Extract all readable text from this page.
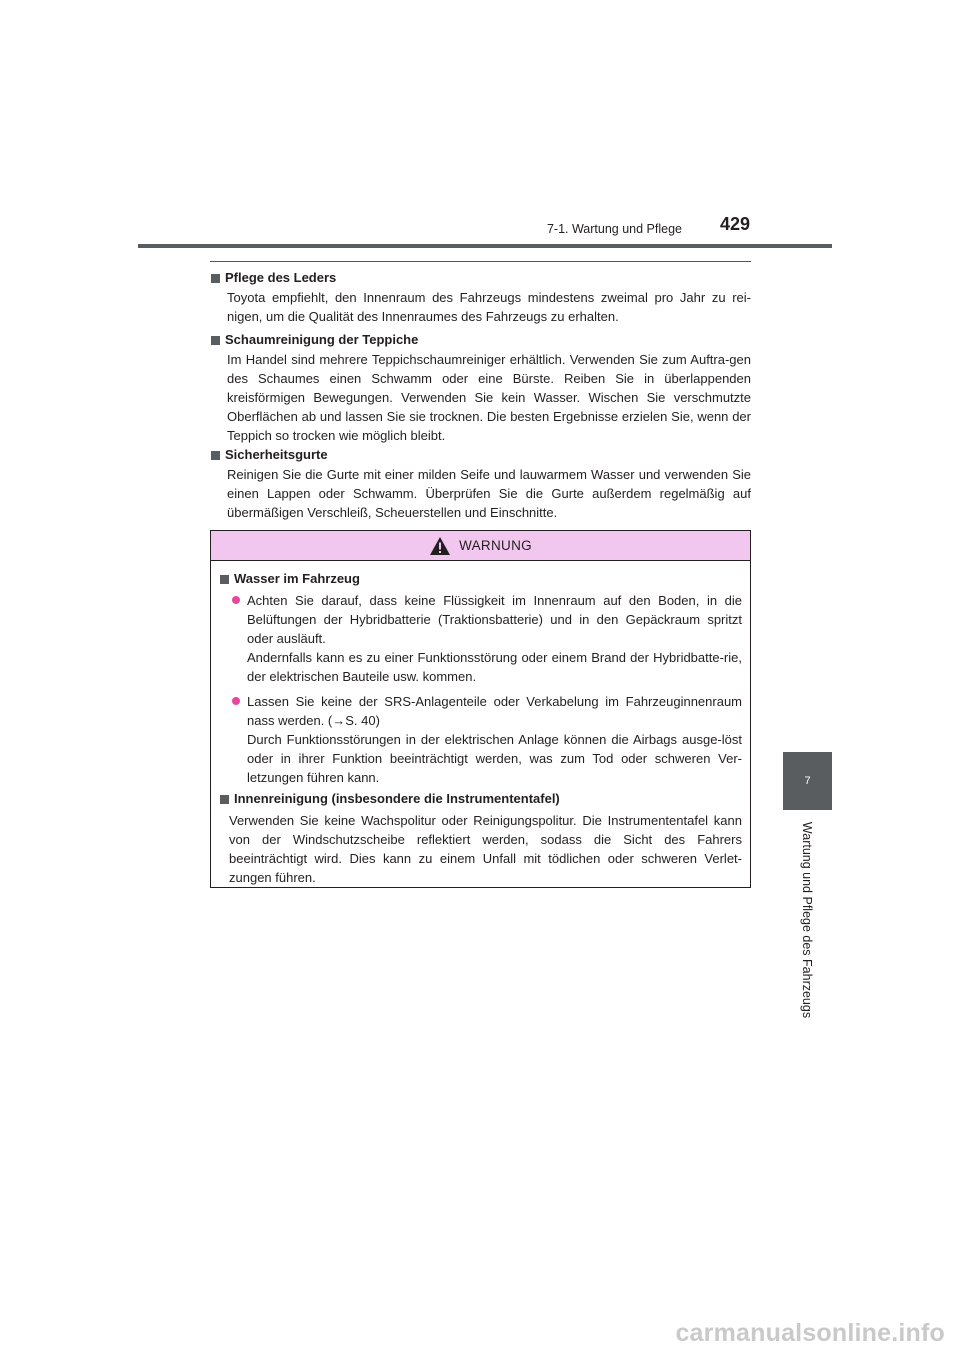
7-1. Wartung und Pflege 429
7
Wartung und Pflege des Fahrzeugs
Pflege des Leders
Toyota empfiehlt, den Innenraum des Fahrzeugs mindestens zweimal pro Jahr zu rei-nigen, um die Qualität des Innenraumes des Fahrzeugs zu erhalten.
Schaumreinigung der Teppiche
Im Handel sind mehrere Teppichschaumreiniger erhältlich. Verwenden Sie zum Auftra-gen des Schaumes einen Schwamm oder eine Bürste. Reiben Sie in überlappenden kreisförmigen Bewegungen. Verwenden Sie kein Wasser. Wischen Sie verschmutzte Oberflächen ab und lassen Sie sie trocknen. Die besten Ergebnisse erzielen Sie, wenn der Teppich so trocken wie möglich bleibt.
Sicherheitsgurte
Reinigen Sie die Gurte mit einer milden Seife und lauwarmem Wasser und verwenden Sie einen Lappen oder Schwamm. Überprüfen Sie die Gurte außerdem regelmäßig auf übermäßigen Verschleiß, Scheuerstellen und Einschnitte.
WARNUNG
Wasser im Fahrzeug
Achten Sie darauf, dass keine Flüssigkeit im Innenraum auf den Boden, in die Belüftungen der Hybridbatterie (Traktionsbatterie) und in den Gepäckraum spritzt oder ausläuft.
Andernfalls kann es zu einer Funktionsstörung oder einem Brand der Hybridbatte-rie, der elektrischen Bauteile usw. kommen.
Lassen Sie keine der SRS-Anlagenteile oder Verkabelung im Fahrzeuginnenraum nass werden. (→S. 40)
Durch Funktionsstörungen in der elektrischen Anlage können die Airbags ausge-löst oder in ihrer Funktion beeinträchtigt werden, was zum Tod oder schweren Ver-letzungen führen kann.
Innenreinigung (insbesondere die Instrumententafel)
Verwenden Sie keine Wachspolitur oder Reinigungspolitur. Die Instrumententafel kann von der Windschutzscheibe reflektiert werden, sodass die Sicht des Fahrers beeinträchtigt wird. Dies kann zu einem Unfall mit tödlichen oder schweren Verlet-zungen führen.
carmanualsonline.info
